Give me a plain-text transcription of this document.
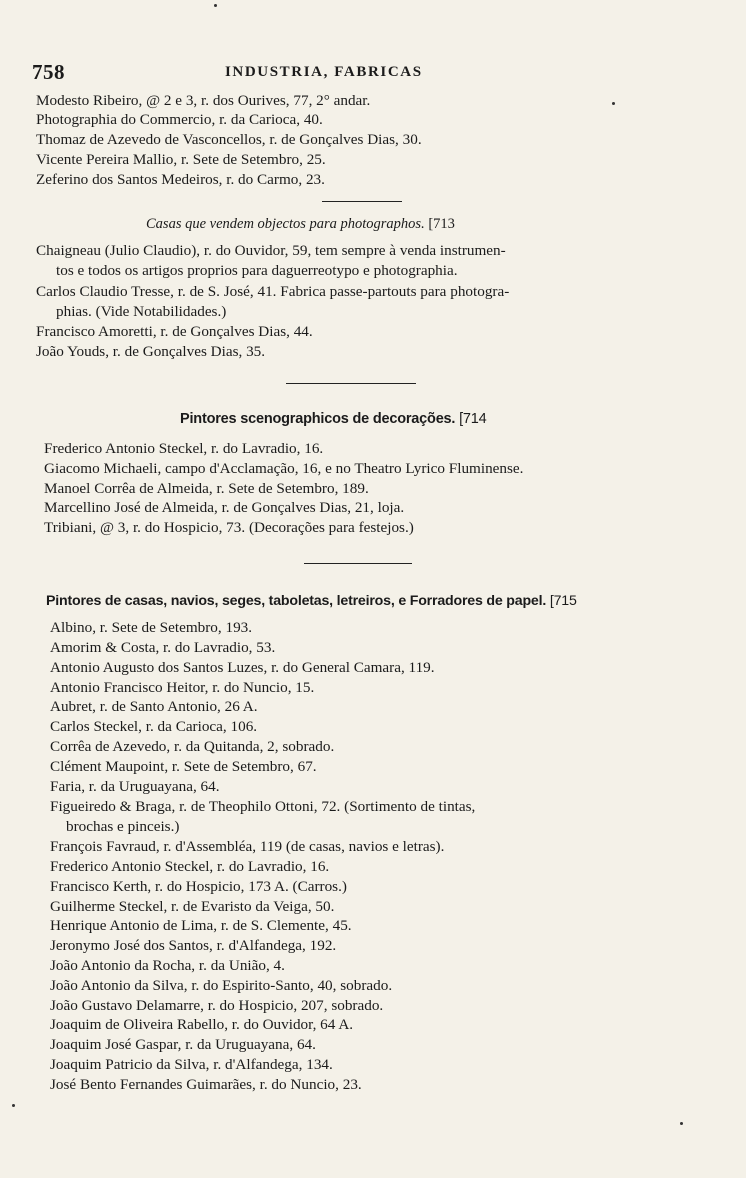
758	INDUSTRIA, FABRICAS
Modesto Ribeiro, @ 2 e 3, r. dos Ourives, 77, 2° andar.
Photographia do Commercio, r. da Carioca, 40.
Thomaz de Azevedo de Vasconcellos, r. de Gonçalves Dias, 30.
Vicente Pereira Mallio, r. Sete de Setembro, 25.
Zeferino dos Santos Medeiros, r. do Carmo, 23.
Casas que vendem objectos para photographos. [713
Chaigneau (Julio Claudio), r. do Ouvidor, 59, tem sempre à venda instrumen-
tos e todos os artigos proprios para daguerreotypo e photographia.
Carlos Claudio Tresse, r. de S. José, 41. Fabrica passe-partouts para photogra-
phias. (Vide Notabilidades.)
Francisco Amoretti, r. de Gonçalves Dias, 44.
João Youds, r. de Gonçalves Dias, 35.
Pintores scenographicos de decorações. [714
Frederico Antonio Steckel, r. do Lavradio, 16.
Giacomo Michaeli, campo d'Acclamação, 16, e no Theatro Lyrico Fluminense.
Manoel Corrêa de Almeida, r. Sete de Setembro, 189.
Marcellino José de Almeida, r. de Gonçalves Dias, 21, loja.
Tribiani, @ 3, r. do Hospicio, 73. (Decorações para festejos.)
Pintores de casas, navios, seges, taboletas, letreiros, e Forradores de papel. [715
Albino, r. Sete de Setembro, 193.
Amorim & Costa, r. do Lavradio, 53.
Antonio Augusto dos Santos Luzes, r. do General Camara, 119.
Antonio Francisco Heitor, r. do Nuncio, 15.
Aubret, r. de Santo Antonio, 26 A.
Carlos Steckel, r. da Carioca, 106.
Corrêa de Azevedo, r. da Quitanda, 2, sobrado.
Clément Maupoint, r. Sete de Setembro, 67.
Faria, r. da Uruguayana, 64.
Figueiredo & Braga, r. de Theophilo Ottoni, 72. (Sortimento de tintas,
brochas e pinceis.)
François Favraud, r. d'Assembléa, 119 (de casas, navios e letras).
Frederico Antonio Steckel, r. do Lavradio, 16.
Francisco Kerth, r. do Hospicio, 173 A. (Carros.)
Guilherme Steckel, r. de Evaristo da Veiga, 50.
Henrique Antonio de Lima, r. de S. Clemente, 45.
Jeronymo José dos Santos, r. d'Alfandega, 192.
João Antonio da Rocha, r. da União, 4.
João Antonio da Silva, r. do Espirito-Santo, 40, sobrado.
João Gustavo Delamarre, r. do Hospicio, 207, sobrado.
Joaquim de Oliveira Rabello, r. do Ouvidor, 64 A.
Joaquim José Gaspar, r. da Uruguayana, 64.
Joaquim Patricio da Silva, r. d'Alfandega, 134.
José Bento Fernandes Guimarães, r. do Nuncio, 23.
